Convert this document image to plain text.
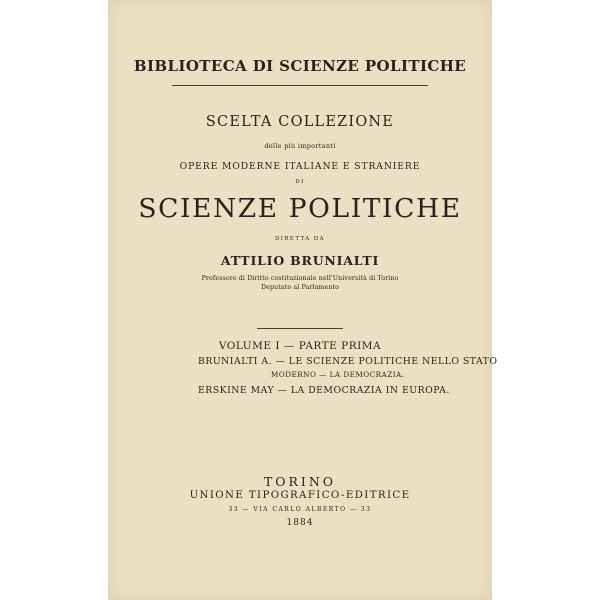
BIBLIOTECA DI SCIENZE POLITICHE
SCELTA COLLEZIONE
delle più importanti
OPERE MODERNE ITALIANE E STRANIERE
DI
SCIENZE POLITICHE
DIRETTA DA
ATTILIO BRUNIALTI
Professore di Diritto costituzionale nell'Università di Torino
Deputato al Parlamento
VOLUME I — PARTE PRIMA
BRUNIALTI A. — LE SCIENZE POLITICHE NELLO STATO
MODERNO — LA DEMOCRAZIA.
ERSKINE MAY — LA DEMOCRAZIA IN EUROPA.
TORINO
UNIONE TIPOGRAFICO-EDITRICE
33 — VIA CARLO ALBERTO — 33
1884
